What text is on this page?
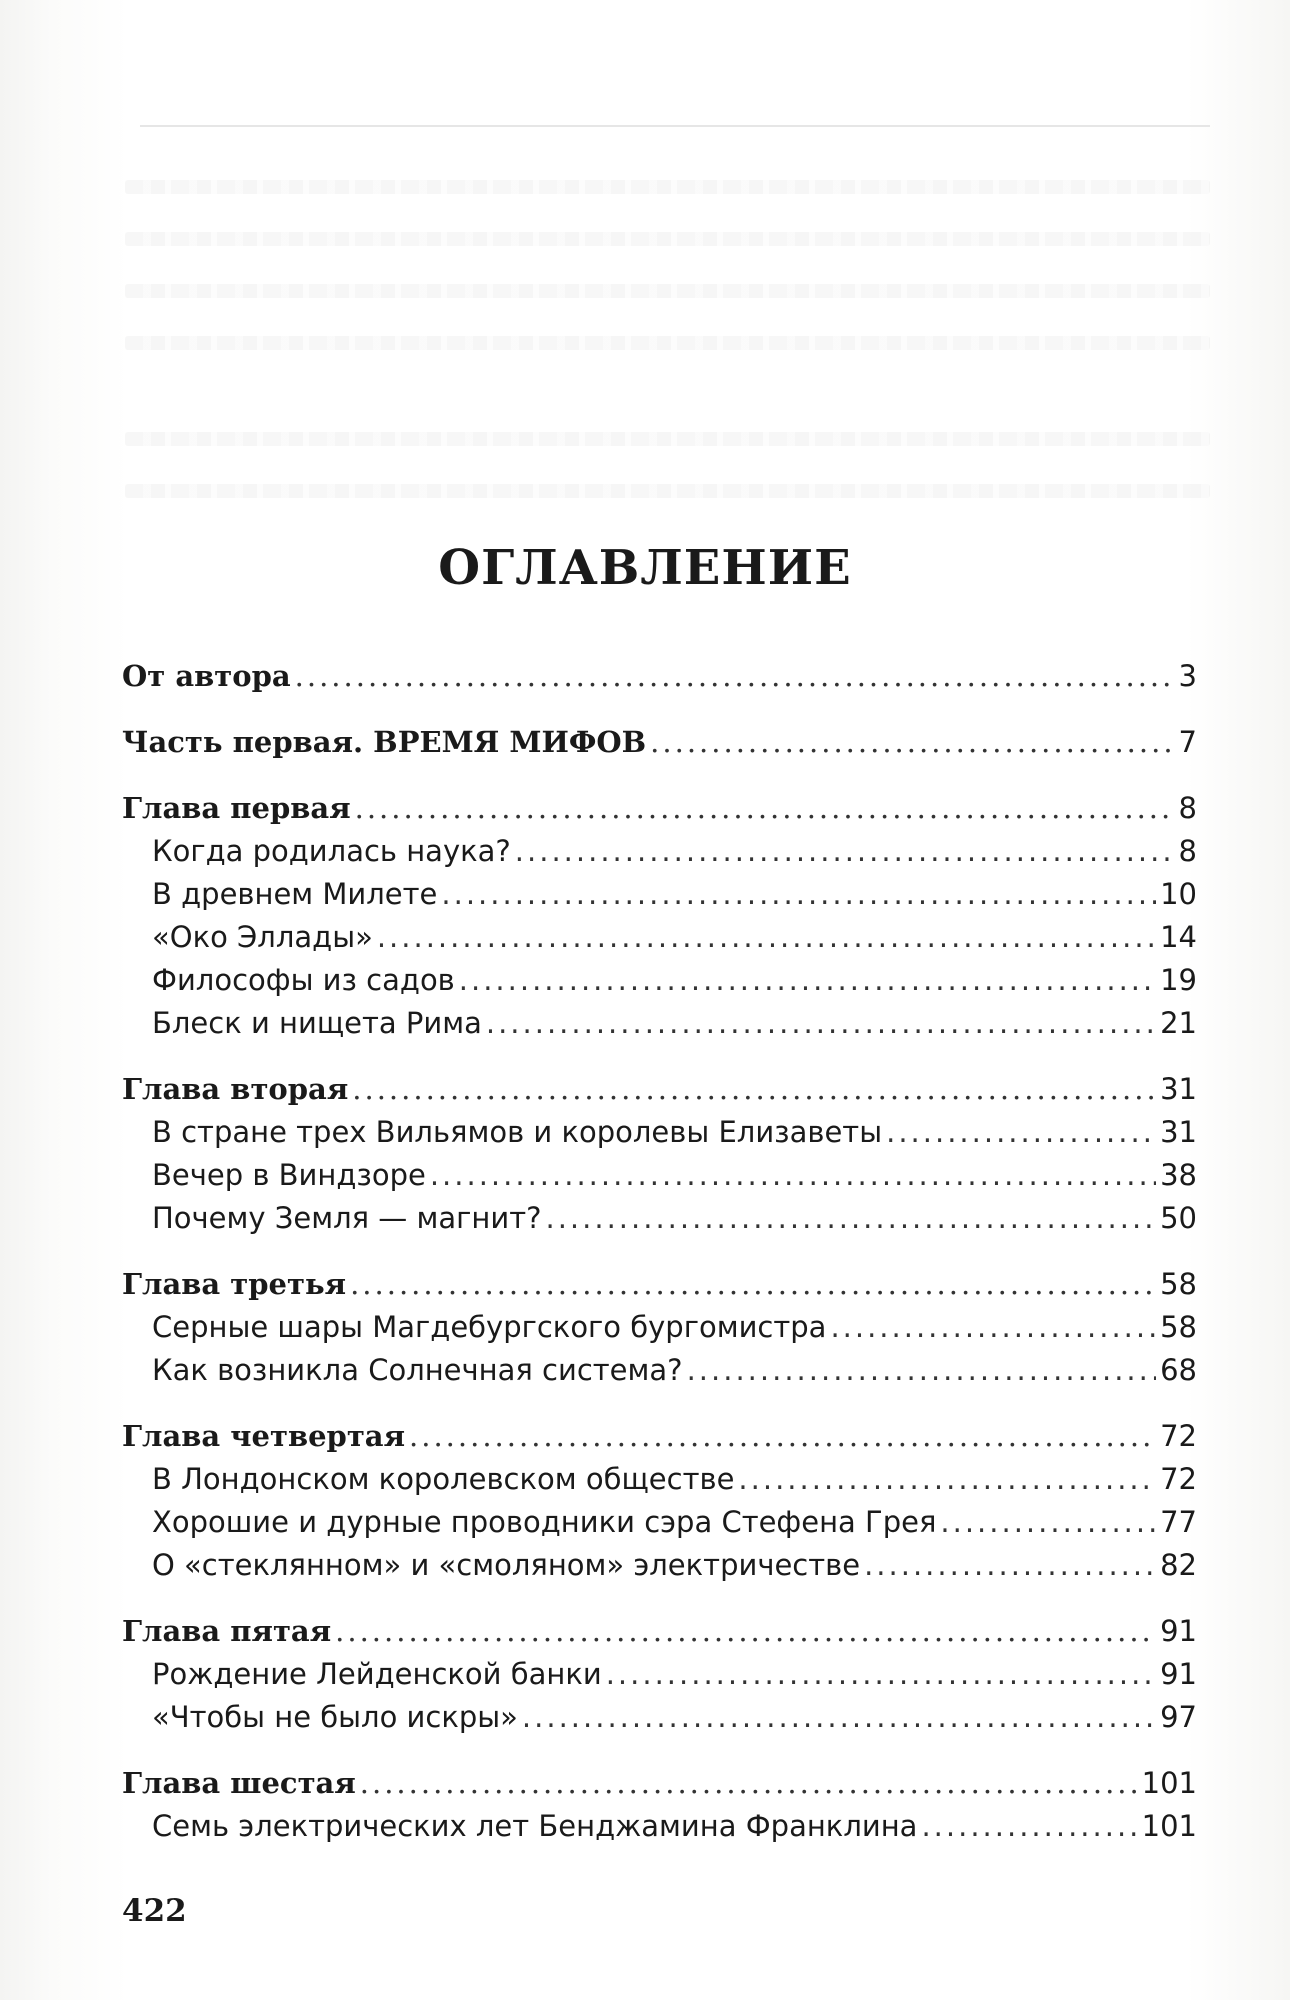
ОГЛАВЛЕНИЕ
От автора .....	3
Часть первая. ВРЕМЯ МИФОВ .....	7
Глава первая .....	8
Когда родилась наука? .....	8
В древнем Милете .....	10
«Око Эллады» .....	14
Философы из садов .....	19
Блеск и нищета Рима .....	21
Глава вторая .....	31
В стране трех Вильямов и королевы Елизаветы .....	31
Вечер в Виндзоре .....	38
Почему Земля — магнит? .....	50
Глава третья .....	58
Серные шары Магдебургского бургомистра .....	58
Как возникла Солнечная система? .....	68
Глава четвертая .....	72
В Лондонском королевском обществе .....	72
Хорошие и дурные проводники сэра Стефена Грея .....	77
О «стеклянном» и «смоляном» электричестве .....	82
Глава пятая .....	91
Рождение Лейденской банки .....	91
«Чтобы не было искры» .....	97
Глава шестая .....	101
Семь электрических лет Бенджамина Франклина .....	101
422
